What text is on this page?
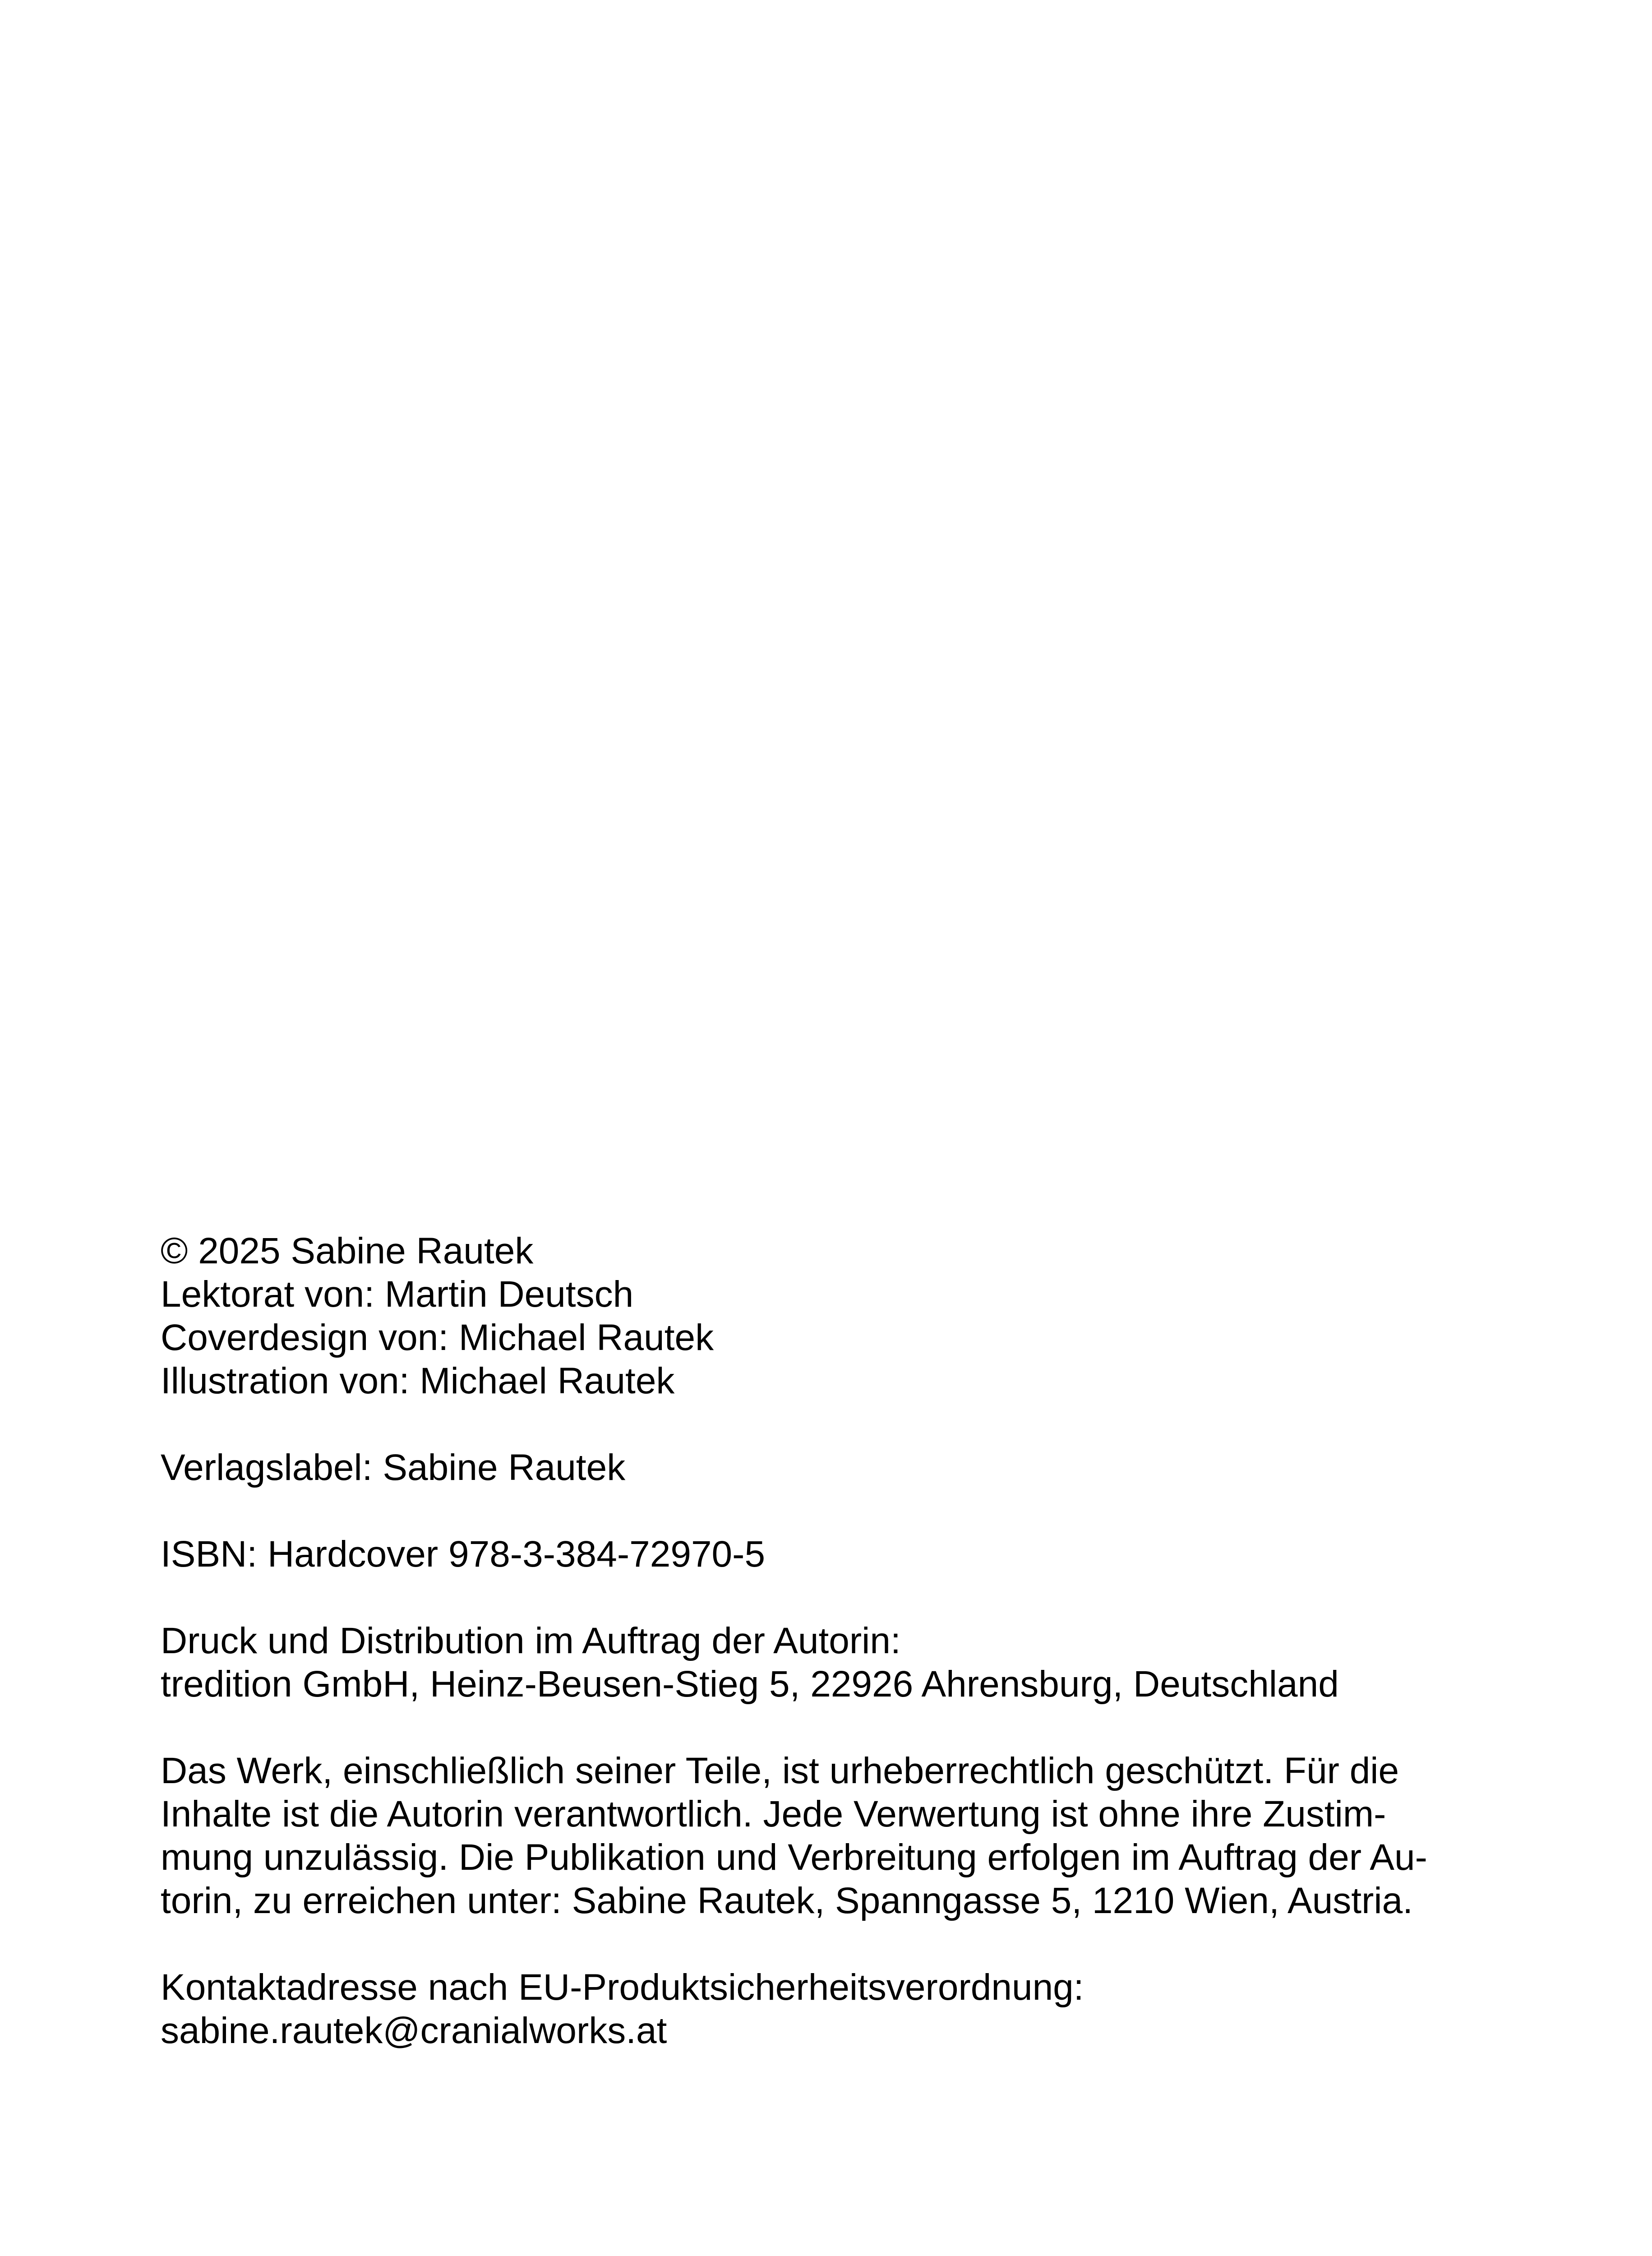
© 2025 Sabine Rautek
Lektorat von: Martin Deutsch
Coverdesign von: Michael Rautek
Illustration von: Michael Rautek
Verlagslabel: Sabine Rautek
ISBN: Hardcover 978-3-384-72970-5
Druck und Distribution im Auftrag der Autorin:
tredition GmbH, Heinz-Beusen-Stieg 5, 22926 Ahrensburg, Deutschland
Das Werk, einschließlich seiner Teile, ist urheberrechtlich geschützt. Für die
Inhalte ist die Autorin verantwortlich. Jede Verwertung ist ohne ihre Zustim-
mung unzulässig. Die Publikation und Verbreitung erfolgen im Auftrag der Au-
torin, zu erreichen unter: Sabine Rautek, Spanngasse 5, 1210 Wien, Austria.
Kontaktadresse nach EU-Produktsicherheitsverordnung:
sabine.rautek@cranialworks.at
